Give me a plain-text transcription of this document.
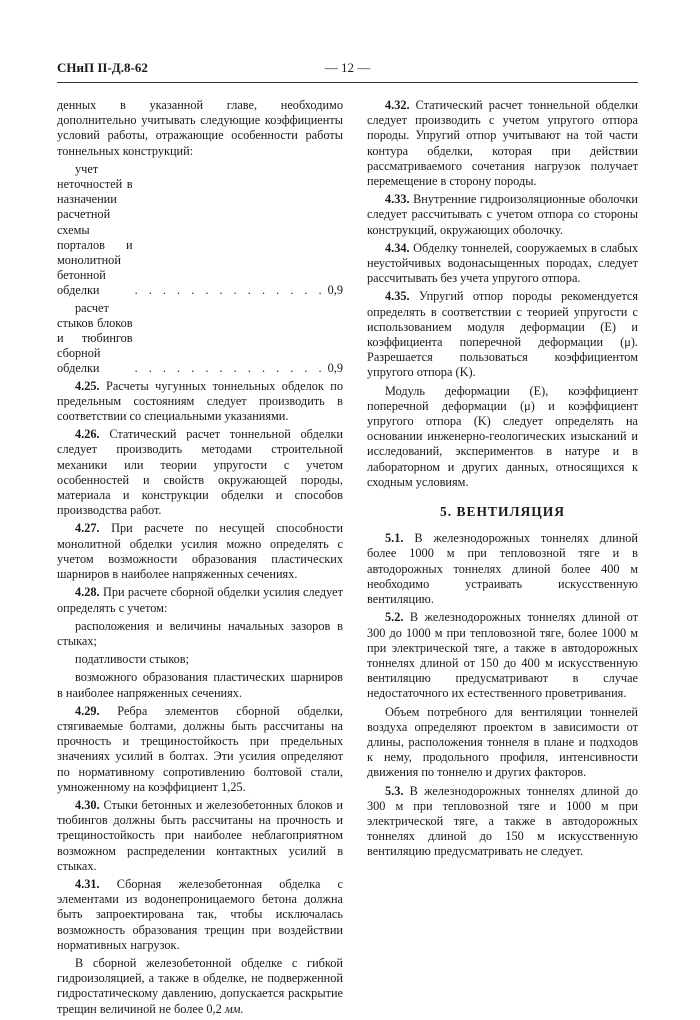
СНиП II-Д.8-62	— 12 —

денных в указанной главе, необходимо дополнительно учитывать следующие коэффициенты условий работы, отражающие особенности работы тоннельных конструкций:

учет неточностей в назначении расчетной схемы порталов и монолитной бетонной обделки	. . . . . . . . . . . . . . 0,9
расчет стыков блоков и тюбингов сборной обделки	. . . . . . . . . . . . . . 0,9

4.25. Расчеты чугунных тоннельных обделок по предельным состояниям следует производить в соответствии со специальными указаниями.

4.26. Статический расчет тоннельной обделки следует производить методами строительной механики или теории упругости с учетом особенностей и свойств окружающей породы, материала и конструкции обделки и способов производства работ.

4.27. При расчете по несущей способности монолитной обделки усилия можно определять с учетом возможности образования пластических шарниров в наиболее напряженных сечениях.

4.28. При расчете сборной обделки усилия следует определять с учетом:

расположения и величины начальных зазоров в стыках;

податливости стыков;

возможного образования пластических шарниров в наиболее напряженных сечениях.

4.29. Ребра элементов сборной обделки, стягиваемые болтами, должны быть рассчитаны на прочность и трещиностойкость при предельных значениях усилий в болтах. Эти усилия определяют по нормативному сопротивлению болтовой стали, умноженному на коэффициент 1,25.

4.30. Стыки бетонных и железобетонных блоков и тюбингов должны быть рассчитаны на прочность и трещиностойкость при наиболее неблагоприятном возможном распределении контактных усилий в стыках.

4.31. Сборная железобетонная обделка с элементами из водонепроницаемого бетона должна быть запроектирована так, чтобы исключалась возможность образования трещин при воздействии нормативных нагрузок.

В сборной железобетонной обделке с гибкой гидроизоляцией, а также в обделке, не подверженной гидростатическому давлению, допускается раскрытие трещин величиной не более 0,2 мм.

4.32. Статический расчет тоннельной обделки следует производить с учетом упругого отпора породы. Упругий отпор учитывают на той части контура обделки, которая при действии рассматриваемого сочетания нагрузок получает перемещение в сторону породы.

4.33. Внутренние гидроизоляционные оболочки следует рассчитывать с учетом отпора со стороны конструкций, окружающих оболочку.

4.34. Обделку тоннелей, сооружаемых в слабых неустойчивых водонасыщенных породах, следует рассчитывать без учета упругого отпора.

4.35. Упругий отпор породы рекомендуется определять в соответствии с теорией упругости с использованием модуля деформации (E) и коэффициента поперечной деформации (μ). Разрешается пользоваться коэффициентом упругого отпора (K).

Модуль деформации (E), коэффициент поперечной деформации (μ) и коэффициент упругого отпора (K) следует определять на основании инженерно-геологических изысканий и исследований, экспериментов в натуре и в лабораторном и других данных, относящихся к сходным условиям.

5. ВЕНТИЛЯЦИЯ

5.1. В железнодорожных тоннелях длиной более 1000 м при тепловозной тяге и в автодорожных тоннелях длиной более 400 м необходимо устраивать искусственную вентиляцию.

5.2. В железнодорожных тоннелях длиной от 300 до 1000 м при тепловозной тяге, более 1000 м при электрической тяге, а также в автодорожных тоннелях длиной от 150 до 400 м искусственную вентиляцию предусматривают в случае недостаточного их естественного проветривания.

Объем потребного для вентиляции тоннелей воздуха определяют проектом в зависимости от длины, расположения тоннеля в плане и подходов к нему, продольного профиля, интенсивности движения по тоннелю и других факторов.

5.3. В железнодорожных тоннелях длиной до 300 м при тепловозной тяге и 1000 м при электрической тяге, а также в автодорожных тоннелях длиной до 150 м искусственную вентиляцию предусматривать не следует.
